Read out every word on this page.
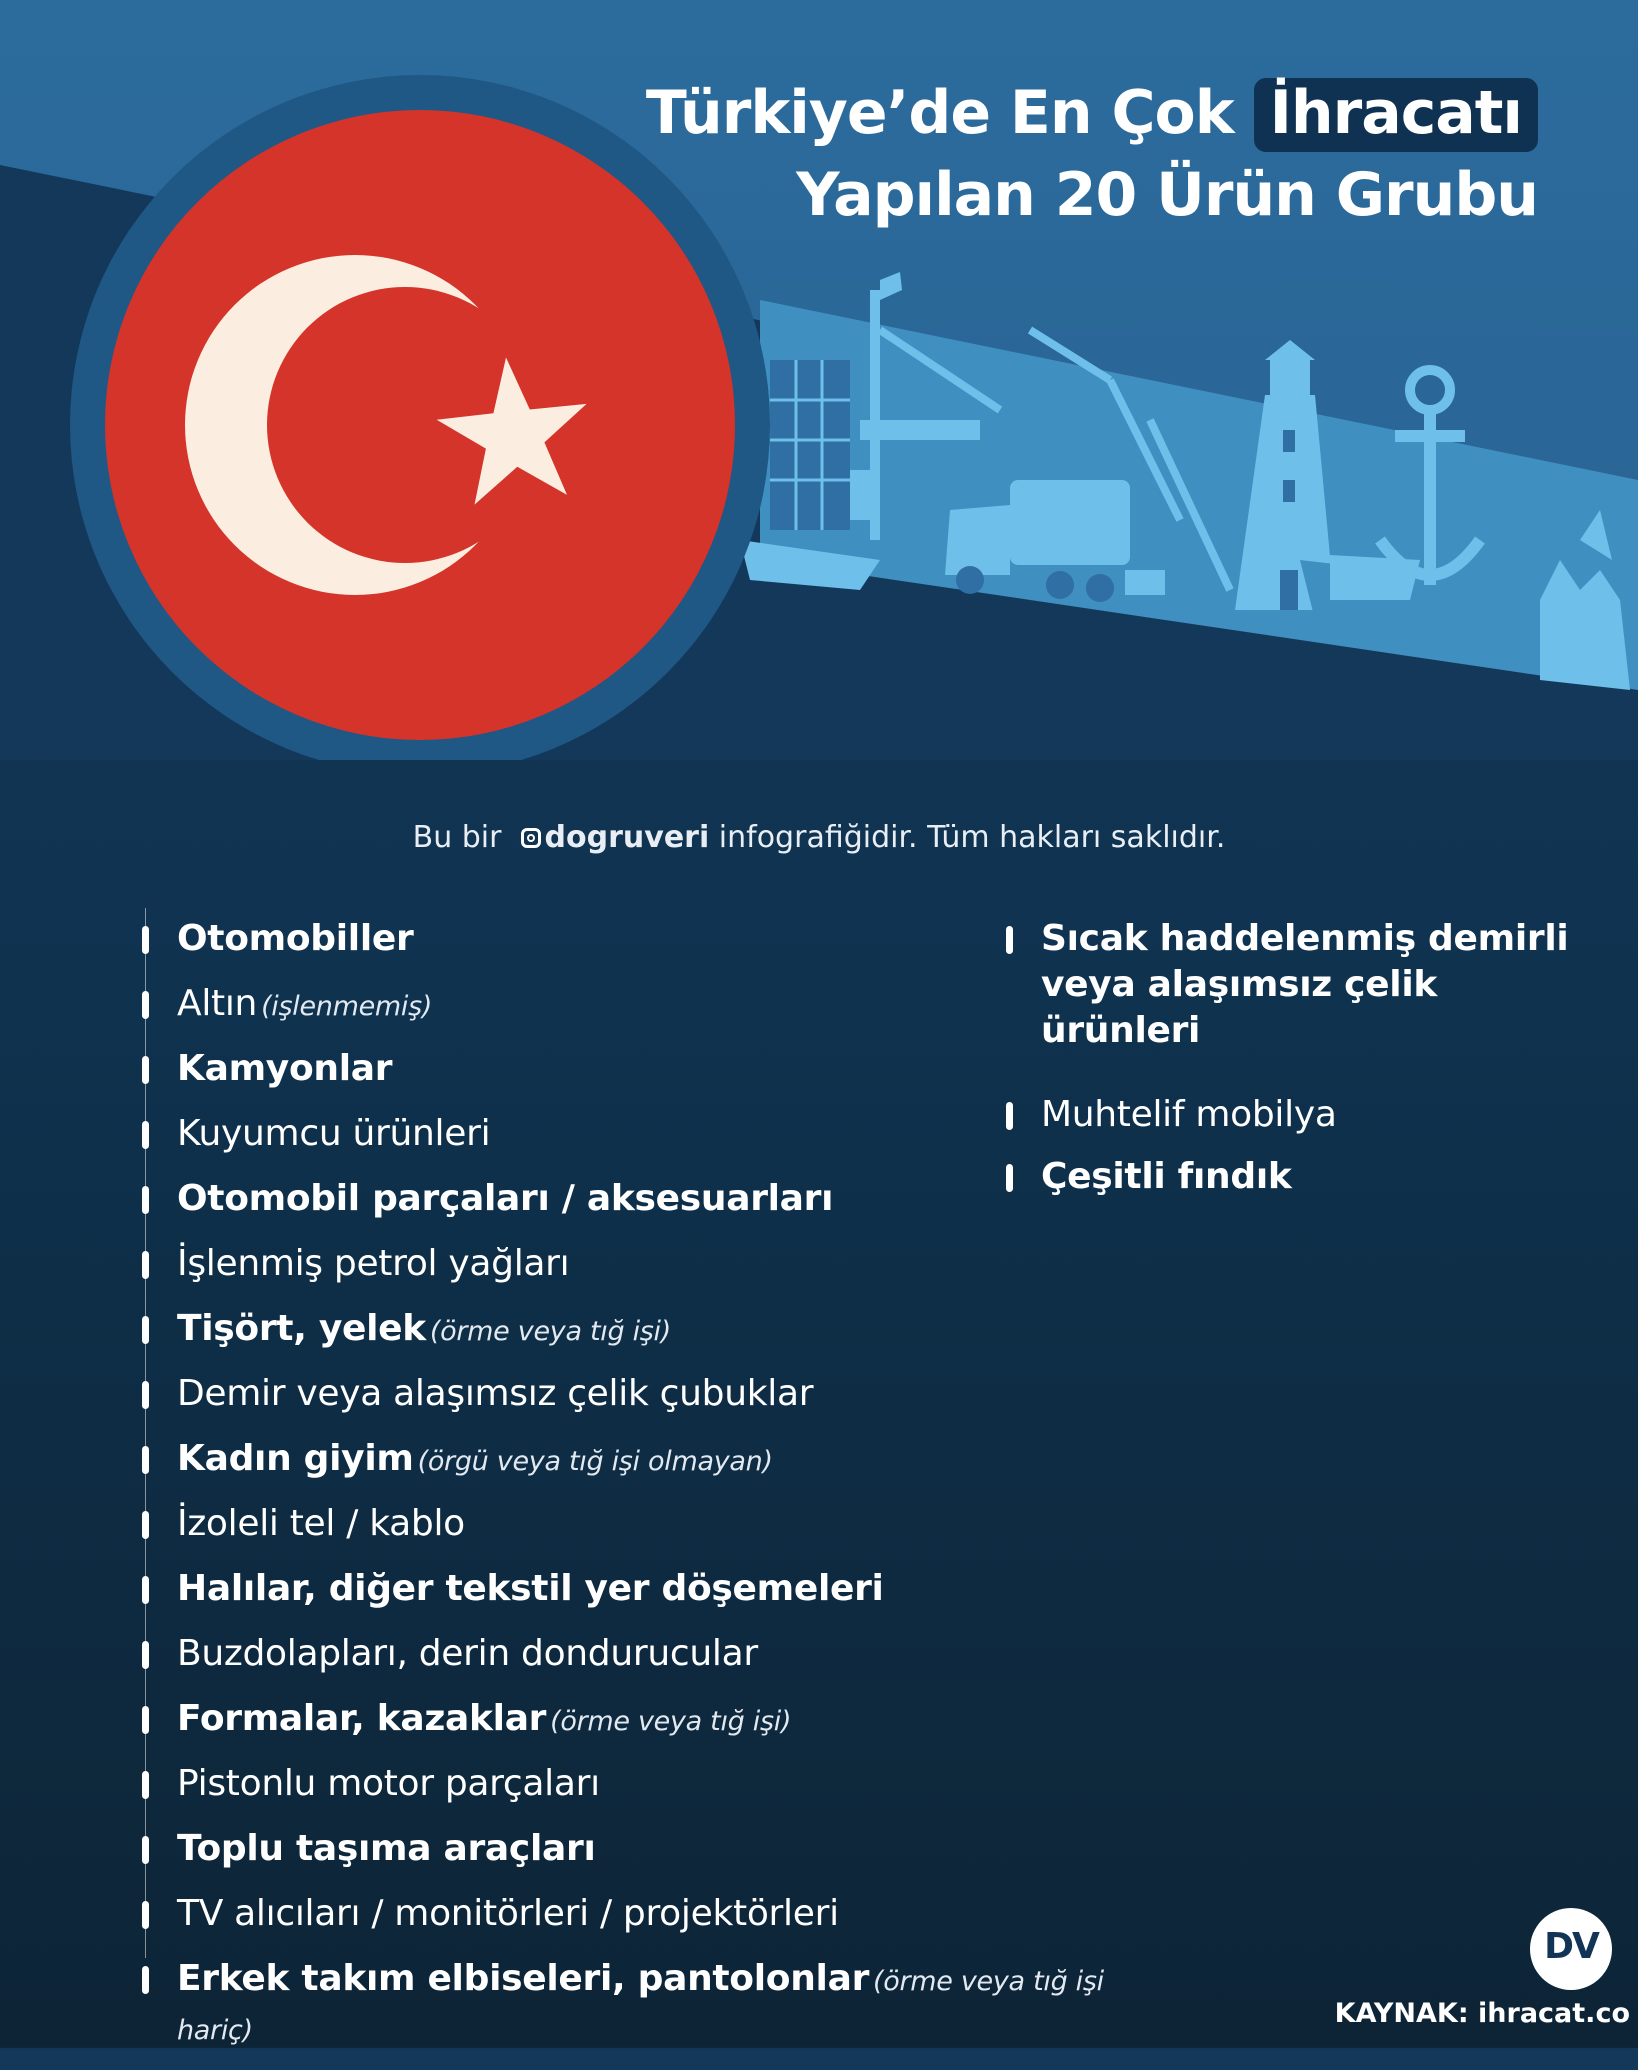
Türkiye’de En Çok İhracatı
Yapılan 20 Ürün Grubu
Bu bir dogruveri infografiğidir. Tüm hakları saklıdır.
Otomobiller
Altın (işlenmemiş)
Kamyonlar
Kuyumcu ürünleri
Otomobil parçaları / aksesuarları
İşlenmiş petrol yağları
Tişört, yelek (örme veya tığ işi)
Demir veya alaşımsız çelik çubuklar
Kadın giyim (örgü veya tığ işi olmayan)
İzoleli tel / kablo
Halılar, diğer tekstil yer döşemeleri
Buzdolapları, derin dondurucular
Formalar, kazaklar (örme veya tığ işi)
Pistonlu motor parçaları
Toplu taşıma araçları
TV alıcıları / monitörleri / projektörleri
Erkek takım elbiseleri, pantolonlar (örme veya tığ işi hariç)
Sıcak haddelenmiş demirli
veya alaşımsız çelik ürünleri
Muhtelif mobilya
Çeşitli fındık
DV
KAYNAK: ihracat.co
